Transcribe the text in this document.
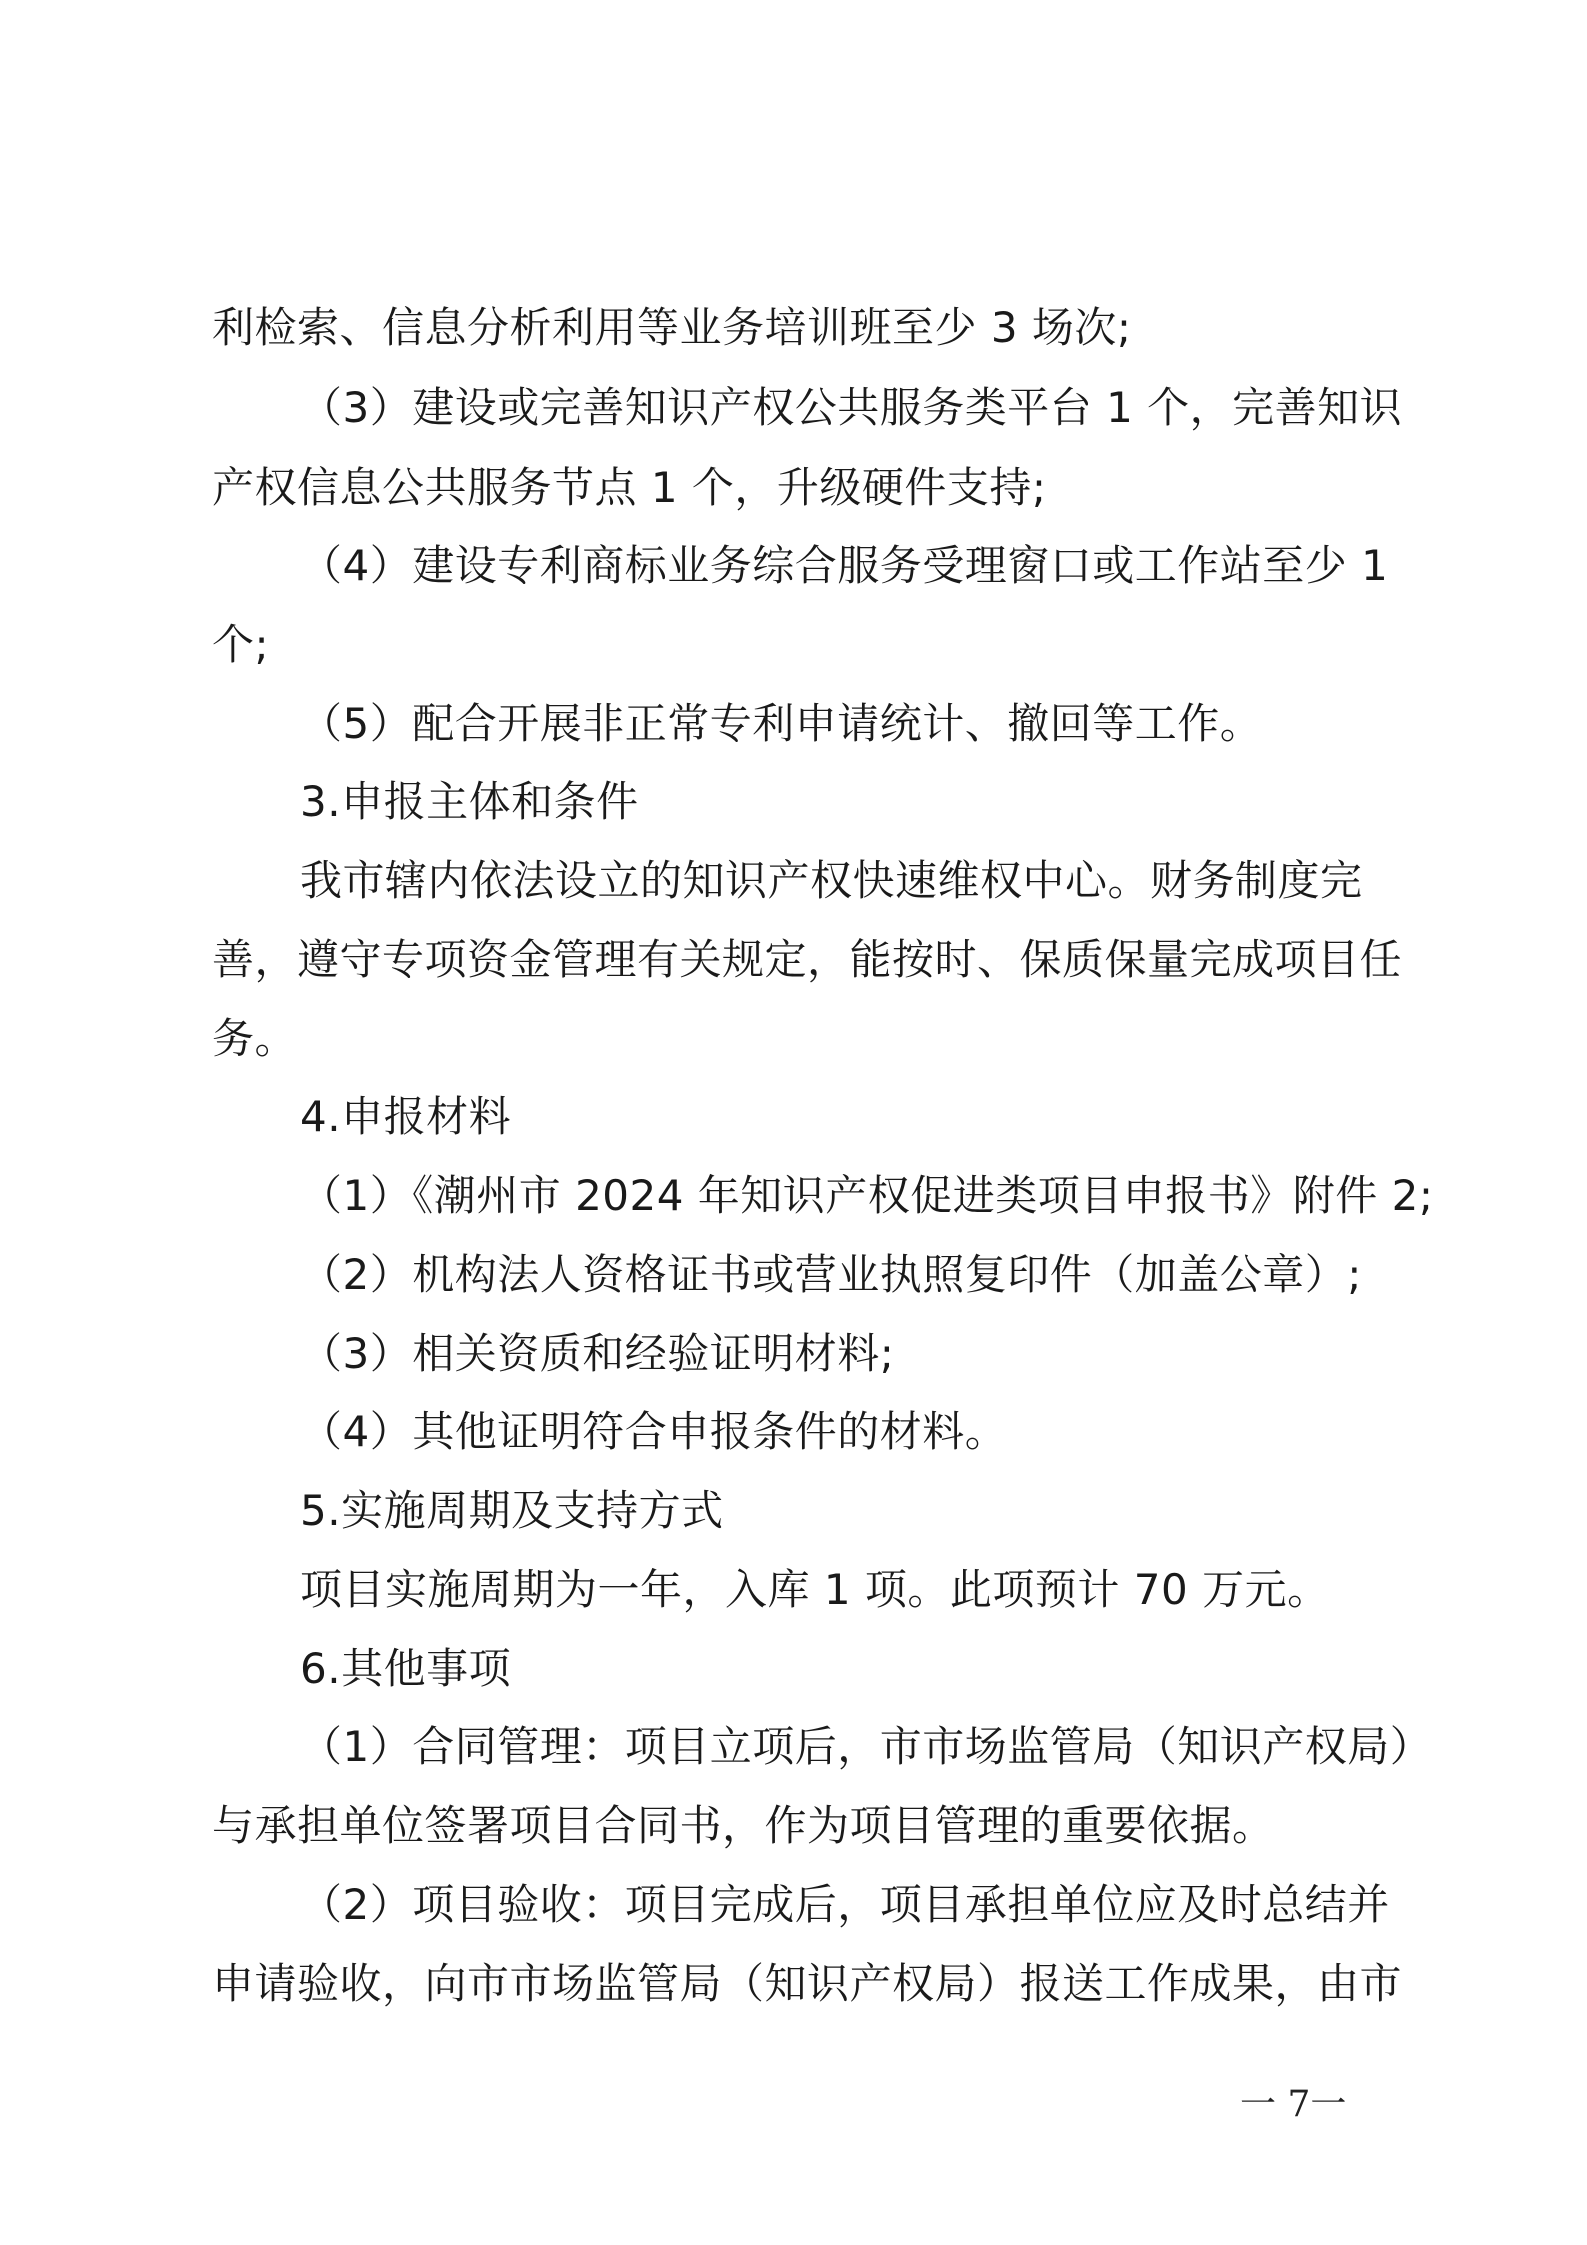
利检索、信息分析利用等业务培训班至少 3 场次;
（3）建设或完善知识产权公共服务类平台 1 个，完善知识
产权信息公共服务节点 1 个，升级硬件支持;
（4）建设专利商标业务综合服务受理窗口或工作站至少 1
个;
（5）配合开展非正常专利申请统计、撤回等工作。
3.申报主体和条件
我市辖内依法设立的知识产权快速维权中心。财务制度完
善，遵守专项资金管理有关规定，能按时、保质保量完成项目任
务。
4.申报材料
（1）《潮州市 2024 年知识产权促进类项目申报书》附件 2;
（2）机构法人资格证书或营业执照复印件（加盖公章）;
（3）相关资质和经验证明材料;
（4）其他证明符合申报条件的材料。
5.实施周期及支持方式
项目实施周期为一年，入库 1 项。此项预计 70 万元。
6.其他事项
（1）合同管理：项目立项后，市市场监管局（知识产权局）
与承担单位签署项目合同书，作为项目管理的重要依据。
（2）项目验收：项目完成后，项目承担单位应及时总结并
申请验收，向市市场监管局（知识产权局）报送工作成果，由市
一 7一
